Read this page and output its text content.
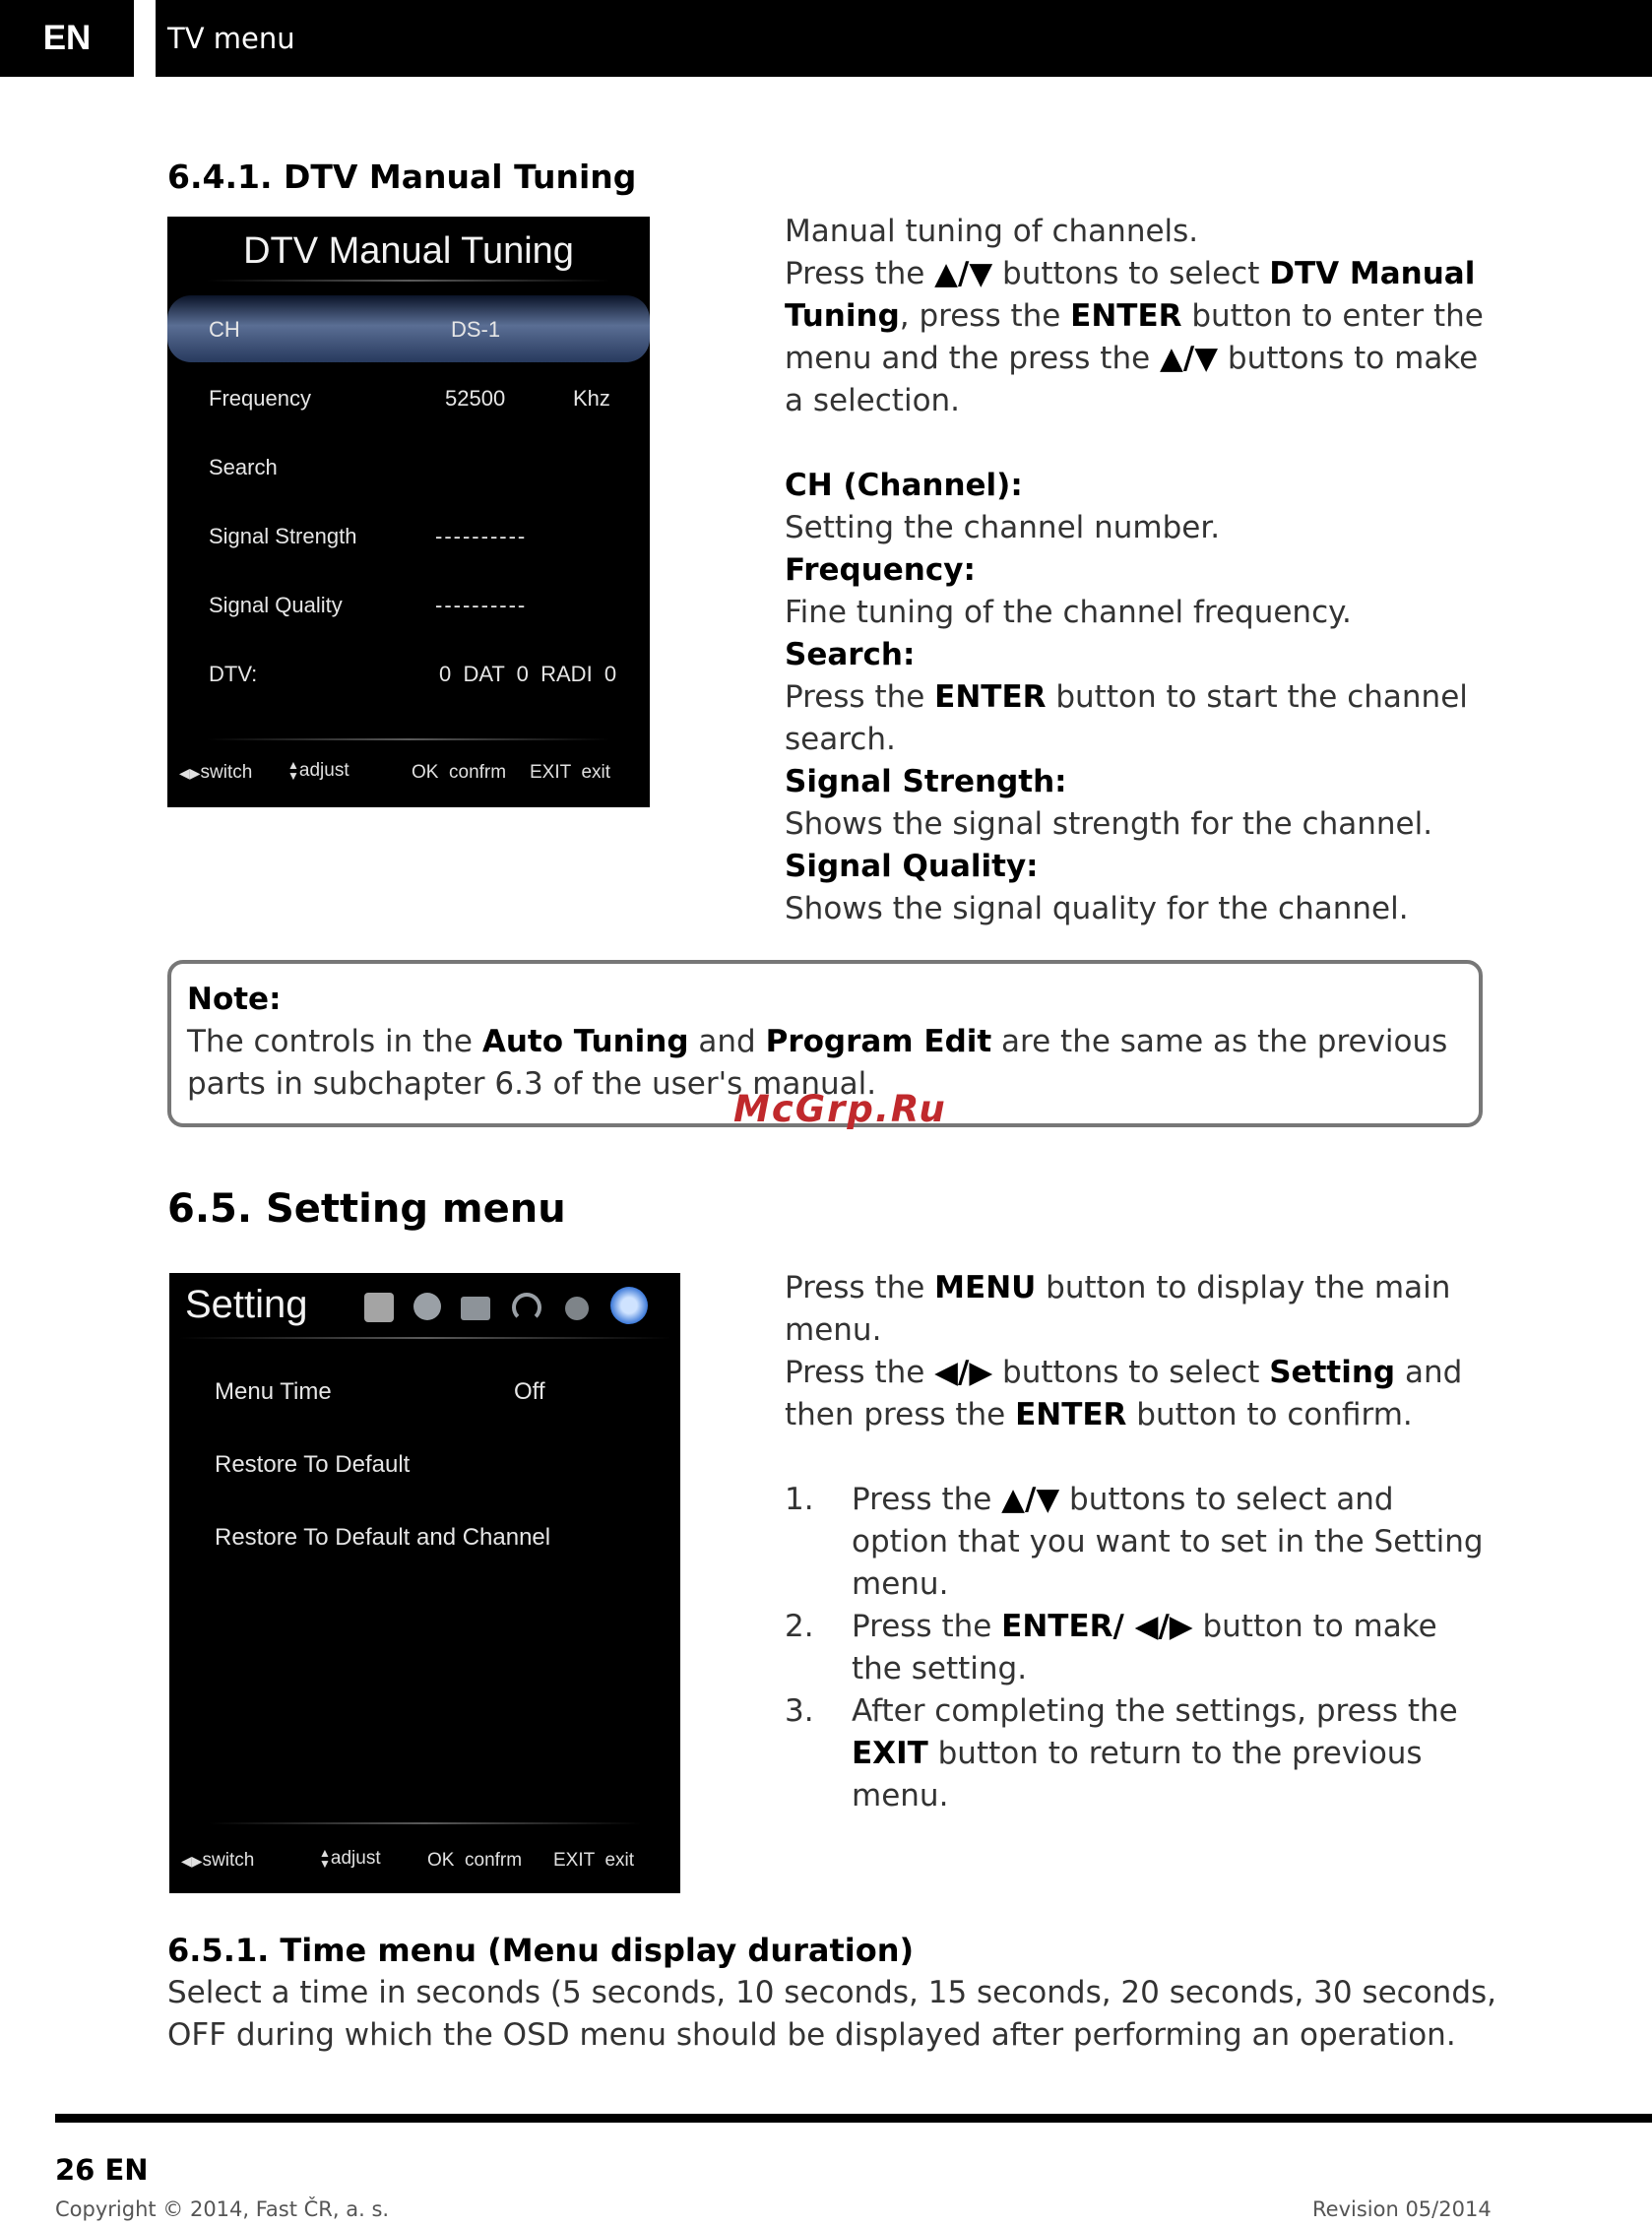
EN	TV menu
6.4.1. DTV Manual Tuning
DTV Manual Tuning
CH	DS-1
Frequency	52500	Khz
Search
Signal Strength	----------
Signal Quality	----------
DTV:	0  DAT  0  RADI  0
◀▶switch	▲
▼adjust	OK  confrm EXIT  exit
Manual tuning of channels.
Press the ▲/▼ buttons to select DTV Manual
Tuning, press the ENTER button to enter the
menu and the press the ▲/▼ buttons to make
a selection.
CH (Channel):
Setting the channel number.
Frequency:
Fine tuning of the channel frequency.
Search:
Press the ENTER button to start the channel
search.
Signal Strength:
Shows the signal strength for the channel.
Signal Quality:
Shows the signal quality for the channel.
Note:
The controls in the Auto Tuning and Program Edit are the same as the previous
parts in subchapter 6.3 of the user's manual.
McGrp.Ru
6.5. Setting menu
Setting
Menu Time	Off
Restore To Default
Restore To Default and Channel
◀▶switch	▲
▼adjust OK  confrm EXIT  exit
Press the MENU button to display the main
menu.
Press the ◀/▶ buttons to select Setting and
then press the ENTER button to confirm.
1. Press the ▲/▼ buttons to select and
option that you want to set in the Setting
menu.
2. Press the ENTER/ ◀/▶ button to make
the setting.
3. After completing the settings, press the
EXIT button to return to the previous
menu.
6.5.1. Time menu (Menu display duration)
Select a time in seconds (5 seconds, 10 seconds, 15 seconds, 20 seconds, 30 seconds,
OFF during which the OSD menu should be displayed after performing an operation.
26 EN
Copyright © 2014, Fast ČR, a. s.	Revision 05/2014
